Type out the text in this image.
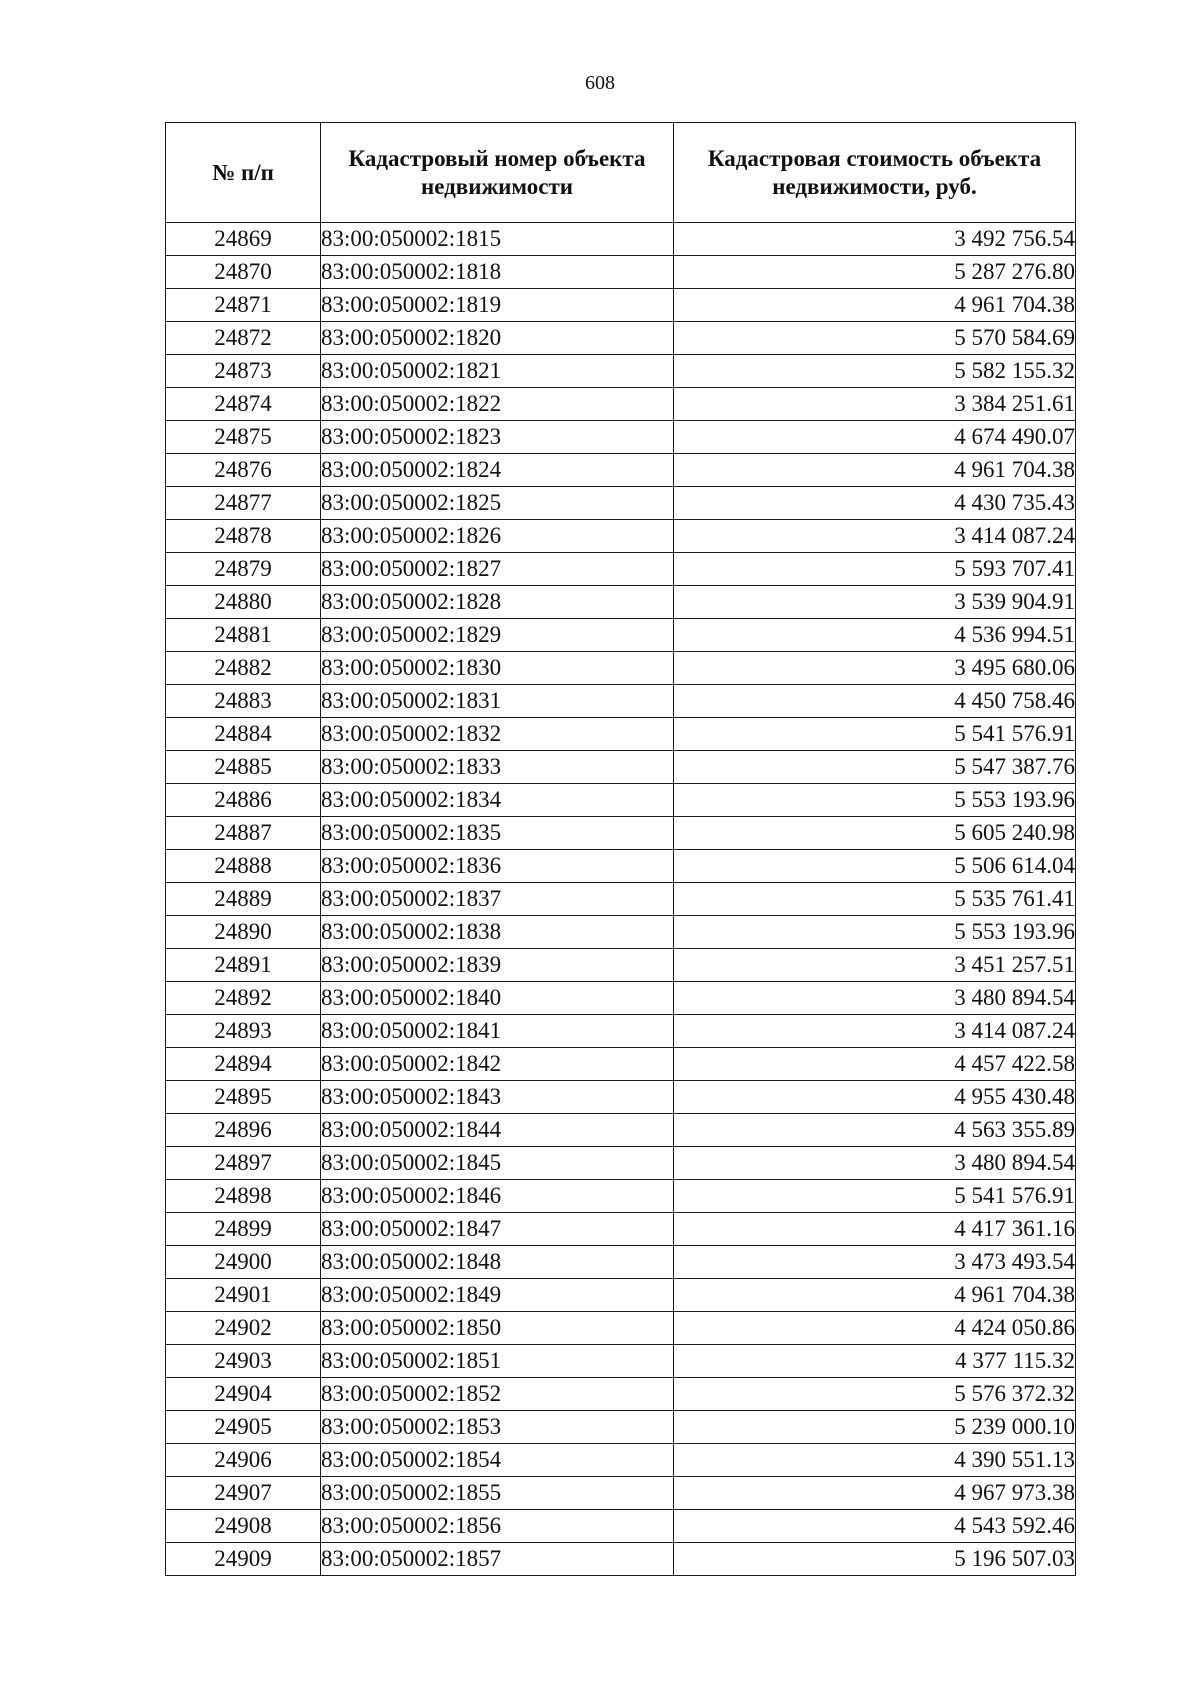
608
№ п/п	Кадастровый номер объекта недвижимости	Кадастровая стоимость объекта недвижимости, руб.
24869	83:00:050002:1815	3 492 756.54
24870	83:00:050002:1818	5 287 276.80
24871	83:00:050002:1819	4 961 704.38
24872	83:00:050002:1820	5 570 584.69
24873	83:00:050002:1821	5 582 155.32
24874	83:00:050002:1822	3 384 251.61
24875	83:00:050002:1823	4 674 490.07
24876	83:00:050002:1824	4 961 704.38
24877	83:00:050002:1825	4 430 735.43
24878	83:00:050002:1826	3 414 087.24
24879	83:00:050002:1827	5 593 707.41
24880	83:00:050002:1828	3 539 904.91
24881	83:00:050002:1829	4 536 994.51
24882	83:00:050002:1830	3 495 680.06
24883	83:00:050002:1831	4 450 758.46
24884	83:00:050002:1832	5 541 576.91
24885	83:00:050002:1833	5 547 387.76
24886	83:00:050002:1834	5 553 193.96
24887	83:00:050002:1835	5 605 240.98
24888	83:00:050002:1836	5 506 614.04
24889	83:00:050002:1837	5 535 761.41
24890	83:00:050002:1838	5 553 193.96
24891	83:00:050002:1839	3 451 257.51
24892	83:00:050002:1840	3 480 894.54
24893	83:00:050002:1841	3 414 087.24
24894	83:00:050002:1842	4 457 422.58
24895	83:00:050002:1843	4 955 430.48
24896	83:00:050002:1844	4 563 355.89
24897	83:00:050002:1845	3 480 894.54
24898	83:00:050002:1846	5 541 576.91
24899	83:00:050002:1847	4 417 361.16
24900	83:00:050002:1848	3 473 493.54
24901	83:00:050002:1849	4 961 704.38
24902	83:00:050002:1850	4 424 050.86
24903	83:00:050002:1851	4 377 115.32
24904	83:00:050002:1852	5 576 372.32
24905	83:00:050002:1853	5 239 000.10
24906	83:00:050002:1854	4 390 551.13
24907	83:00:050002:1855	4 967 973.38
24908	83:00:050002:1856	4 543 592.46
24909	83:00:050002:1857	5 196 507.03
